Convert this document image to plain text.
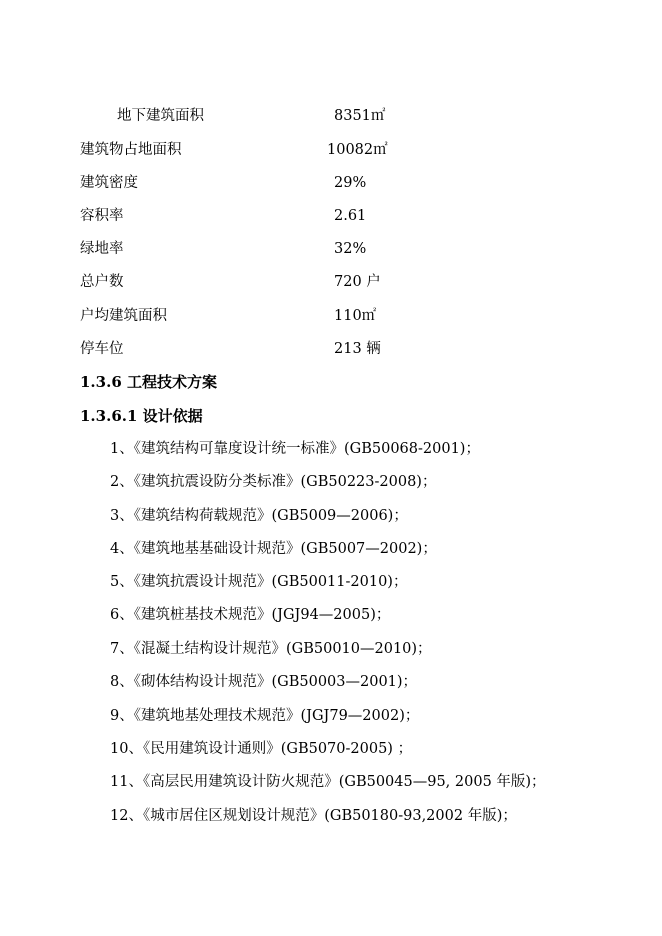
地下建筑面积	8351㎡
建筑物占地面积	10082㎡
建筑密度	29%
容积率	2.61
绿地率	32%
总户数	720 户
户均建筑面积	110㎡
停车位	213 辆
1.3.6 工程技术方案
1.3.6.1 设计依据
1、《建筑结构可靠度设计统一标准》(GB50068-2001)；
2、《建筑抗震设防分类标准》(GB50223-2008)；
3、《建筑结构荷载规范》(GB5009—2006)；
4、《建筑地基基础设计规范》(GB5007—2002)；
5、《建筑抗震设计规范》(GB50011-2010)；
6、《建筑桩基技术规范》(JGJ94—2005)；
7、《混凝土结构设计规范》(GB50010—2010)；
8、《砌体结构设计规范》(GB50003—2001)；
9、《建筑地基处理技术规范》(JGJ79—2002)；
10、《民用建筑设计通则》(GB5070-2005) ；
11、《高层民用建筑设计防火规范》(GB50045—95, 2005 年版)；
12、《城市居住区规划设计规范》(GB50180-93,2002 年版)；
